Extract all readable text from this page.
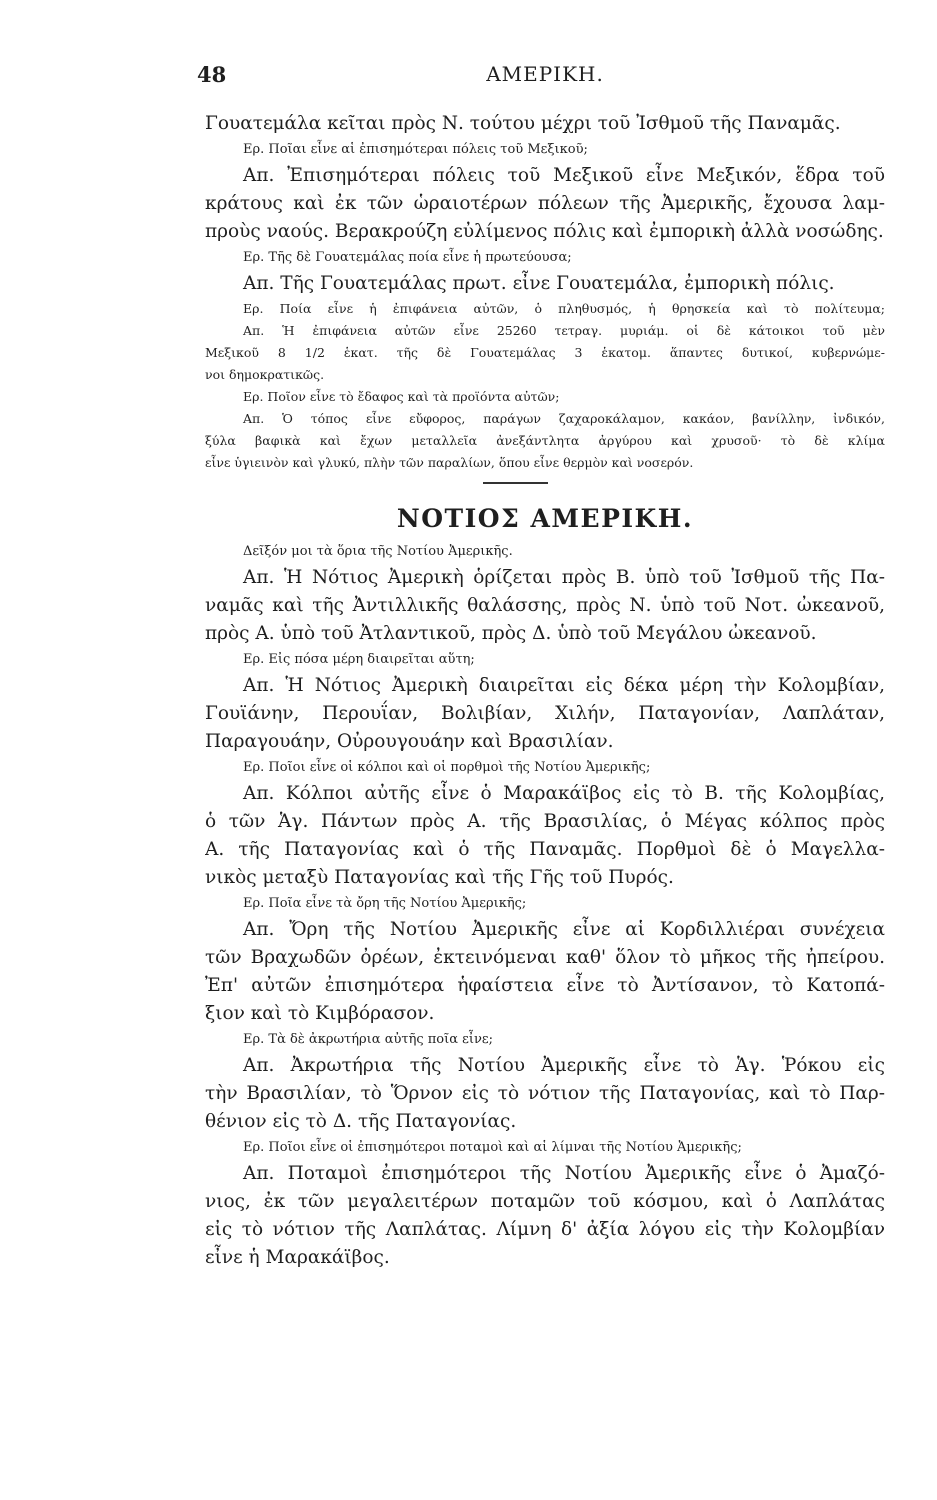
48	ΑΜΕΡΙΚΗ.
Γουατεμάλα κεῖται πρὸς Ν. τούτου μέχρι τοῦ Ἰσθμοῦ τῆς Παναμᾶς.
Ερ. Ποῖαι εἶνε αἱ ἐπισημότεραι πόλεις τοῦ Μεξικοῦ;
Απ. Ἐπισημότεραι πόλεις τοῦ Μεξικοῦ εἶνε Μεξικόν, ἕδρα τοῦ
κράτους καὶ ἐκ τῶν ὡραιοτέρων πόλεων τῆς Ἀμερικῆς, ἔχουσα λαμ-
προὺς ναούς. Βερακρούζη εὐλίμενος πόλις καὶ ἐμπορικὴ ἀλλὰ νοσώδης.
Ερ. Τῆς δὲ Γουατεμάλας ποία εἶνε ἡ πρωτεύουσα;
Απ. Τῆς Γουατεμάλας πρωτ. εἶνε Γουατεμάλα, ἐμπορικὴ πόλις.
Ερ. Ποία εἶνε ἡ ἐπιφάνεια αὐτῶν, ὁ πληθυσμός, ἡ θρησκεία καὶ τὸ πολίτευμα;
Απ. Ἡ ἐπιφάνεια αὐτῶν εἶνε 25260 τετραγ. μυριάμ. οἱ δὲ κάτοικοι τοῦ μὲν
Μεξικοῦ 8 1/2 ἑκατ. τῆς δὲ Γουατεμάλας 3 ἑκατομ. ἅπαντες δυτικοί, κυβερνώμε-
νοι δημοκρατικῶς.
Ερ. Ποῖον εἶνε τὸ ἔδαφος καὶ τὰ προϊόντα αὐτῶν;
Απ. Ὁ τόπος εἶνε εὔφορος, παράγων ζαχαροκάλαμον, κακάον, βανίλλην, ἰνδικόν,
ξύλα βαφικὰ καὶ ἔχων μεταλλεῖα ἀνεξάντλητα ἀργύρου καὶ χρυσοῦ· τὸ δὲ κλίμα
εἶνε ὑγιεινὸν καὶ γλυκύ, πλὴν τῶν παραλίων, ὅπου εἶνε θερμὸν καὶ νοσερόν.
ΝΟΤΙΟΣ ΑΜΕΡΙΚΗ.
Δεῖξόν μοι τὰ ὅρια τῆς Νοτίου Ἀμερικῆς.
Απ. Ἡ Νότιος Ἀμερικὴ ὁρίζεται πρὸς Β. ὑπὸ τοῦ Ἰσθμοῦ τῆς Πα-
ναμᾶς καὶ τῆς Ἀντιλλικῆς θαλάσσης, πρὸς Ν. ὑπὸ τοῦ Νοτ. ὠκεανοῦ,
πρὸς Α. ὑπὸ τοῦ Ἀτλαντικοῦ, πρὸς Δ. ὑπὸ τοῦ Μεγάλου ὠκεανοῦ.
Ερ. Εἰς πόσα μέρη διαιρεῖται αὕτη;
Απ. Ἡ Νότιος Ἀμερικὴ διαιρεῖται εἰς δέκα μέρη τὴν Κολομβίαν,
Γουϊάνην, Περουΐαν, Βολιβίαν, Χιλήν, Παταγονίαν, Λαπλάταν,
Παραγουάην, Οὐρουγουάην καὶ Βρασιλίαν.
Ερ. Ποῖοι εἶνε οἱ κόλποι καὶ οἱ πορθμοὶ τῆς Νοτίου Ἀμερικῆς;
Απ. Κόλποι αὐτῆς εἶνε ὁ Μαρακάϊβος εἰς τὸ Β. τῆς Κολομβίας,
ὁ τῶν Ἁγ. Πάντων πρὸς Α. τῆς Βρασιλίας, ὁ Μέγας κόλπος πρὸς
Α. τῆς Παταγονίας καὶ ὁ τῆς Παναμᾶς. Πορθμοὶ δὲ ὁ Μαγελλα-
νικὸς μεταξὺ Παταγονίας καὶ τῆς Γῆς τοῦ Πυρός.
Ερ. Ποῖα εἶνε τὰ ὄρη τῆς Νοτίου Ἀμερικῆς;
Απ. Ὄρη τῆς Νοτίου Ἀμερικῆς εἶνε αἱ Κορδιλλιέραι συνέχεια
τῶν Βραχωδῶν ὀρέων, ἐκτεινόμεναι καθ' ὅλον τὸ μῆκος τῆς ἠπείρου.
Ἐπ' αὐτῶν ἐπισημότερα ἡφαίστεια εἶνε τὸ Ἀντίσανον, τὸ Κατοπά-
ξιον καὶ τὸ Κιμβόρασον.
Ερ. Τὰ δὲ ἀκρωτήρια αὐτῆς ποῖα εἶνε;
Απ. Ἀκρωτήρια τῆς Νοτίου Ἀμερικῆς εἶνε τὸ Ἁγ. Ῥόκου εἰς
τὴν Βρασιλίαν, τὸ Ὅρνον εἰς τὸ νότιον τῆς Παταγονίας, καὶ τὸ Παρ-
θένιον εἰς τὸ Δ. τῆς Παταγονίας.
Ερ. Ποῖοι εἶνε οἱ ἐπισημότεροι ποταμοὶ καὶ αἱ λίμναι τῆς Νοτίου Ἀμερικῆς;
Απ. Ποταμοὶ ἐπισημότεροι τῆς Νοτίου Ἀμερικῆς εἶνε ὁ Ἀμαζό-
νιος, ἐκ τῶν μεγαλειτέρων ποταμῶν τοῦ κόσμου, καὶ ὁ Λαπλάτας
εἰς τὸ νότιον τῆς Λαπλάτας. Λίμνη δ' ἀξία λόγου εἰς τὴν Κολομβίαν
εἶνε ἡ Μαρακάϊβος.
